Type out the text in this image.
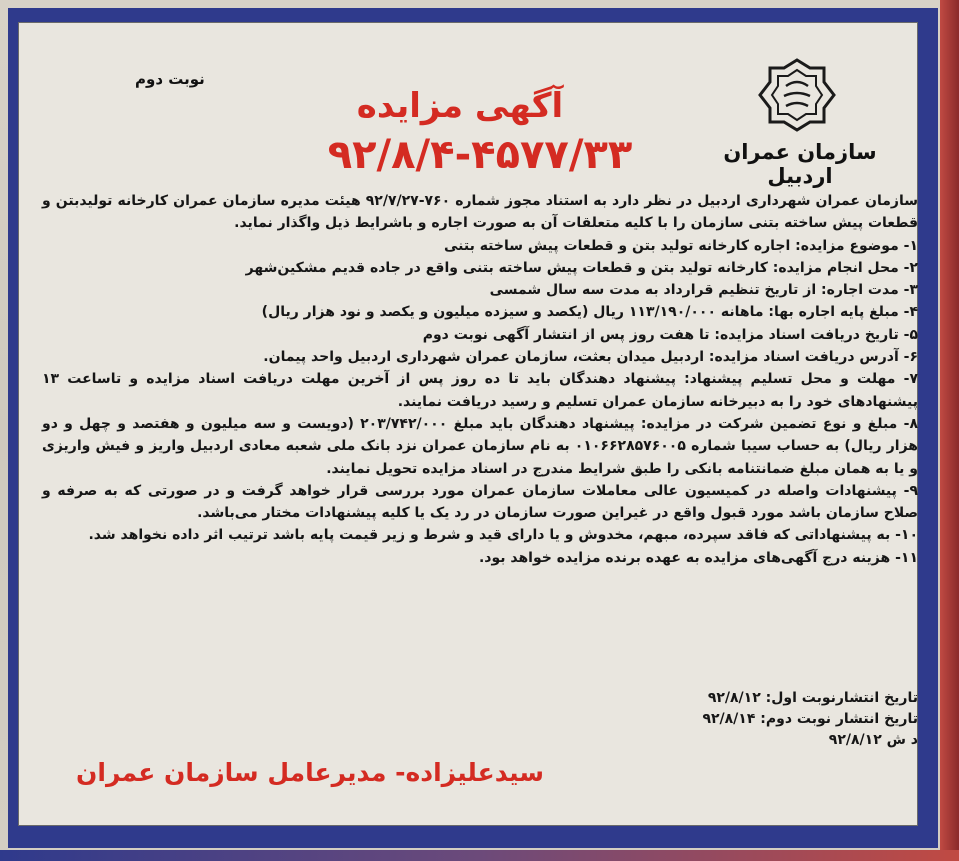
نوبت دوم
سازمان عمران اردبیل
آگهی مزایده
۹۲/۸/۴-۴۵۷۷/۳۳

سازمان عمران شهرداری اردبیل در نظر دارد به استناد مجوز شماره ۷۶۰-۹۲/۷/۲۷ هیئت مدیره سازمان عمران کارخانه تولیدبتن و قطعات پیش ساخته بتنی سازمان را با کلیه متعلقات آن به صورت اجاره و باشرایط ذیل واگذار نماید.

۱- موضوع مزایده: اجاره کارخانه تولید بتن و قطعات پیش ساخته بتنی

۲- محل انجام مزایده: کارخانه تولید بتن و قطعات پیش ساخته بتنی واقع در جاده قدیم مشکین‌شهر

۳- مدت اجاره: از تاریخ تنظیم قرارداد به مدت سه سال شمسی

۴- مبلغ پایه اجاره بها: ماهانه ۱۱۳/۱۹۰/۰۰۰ ریال (یکصد و سیزده میلیون و یکصد و نود هزار ریال)

۵- تاریخ دریافت اسناد مزایده: تا هفت روز پس از انتشار آگهی نوبت دوم

۶- آدرس دریافت اسناد مزایده: اردبیل میدان بعثت، سازمان عمران شهرداری اردبیل واحد پیمان.

۷- مهلت و محل تسلیم پیشنهاد: پیشنهاد دهندگان باید تا ده روز پس از آخرین مهلت دریافت اسناد مزایده و تاساعت ۱۳ پیشنهادهای خود را به دبیرخانه سازمان عمران تسلیم و رسید دریافت نمایند.

۸- مبلغ و نوع تضمین شرکت در مزایده: پیشنهاد دهندگان باید مبلغ ۲۰۳/۷۴۲/۰۰۰ (دویست و سه میلیون و هفتصد و چهل و دو هزار ریال) به حساب سیبا شماره ۰۱۰۶۶۲۸۵۷۶۰۰۵ به نام سازمان عمران نزد بانک ملی شعبه معادی اردبیل واریز و فیش واریزی و یا به همان مبلغ ضمانتنامه بانکی را طبق شرایط مندرج در اسناد مزایده تحویل نمایند.

۹- پیشنهادات واصله در کمیسیون عالی معاملات سازمان عمران مورد بررسی قرار خواهد گرفت و در صورتی که به صرفه و صلاح سازمان باشد مورد قبول واقع در غیراین صورت سازمان در رد یک یا کلیه پیشنهادات مختار می‌باشد.

۱۰- به پیشنهاداتی که فاقد سپرده، مبهم، مخدوش و یا دارای قید و شرط و زیر قیمت پایه باشد ترتیب اثر داده نخواهد شد.

۱۱- هزینه درج آگهی‌های مزایده به عهده برنده مزایده خواهد بود.

تاریخ انتشارنوبت اول: ۹۲/۸/۱۲

تاریخ انتشار نوبت دوم: ۹۲/۸/۱۴

د ش ۹۲/۸/۱۲

سیدعلیزاده- مدیرعامل سازمان عمران
